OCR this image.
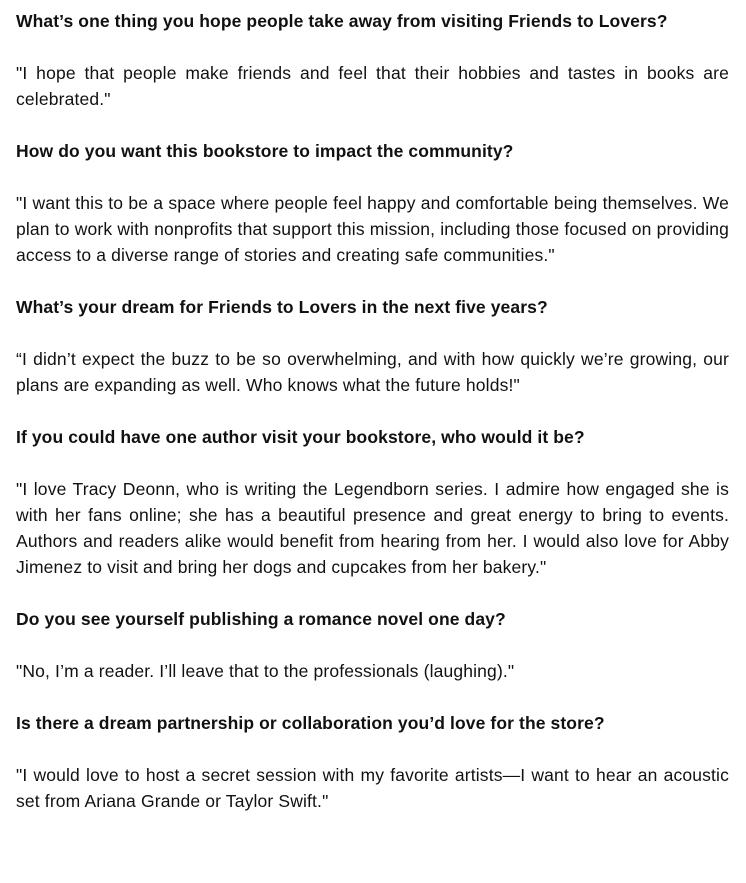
What’s one thing you hope people take away from visiting Friends to Lovers?

"I hope that people make friends and feel that their hobbies and tastes in books are celebrated."

How do you want this bookstore to impact the community?

"I want this to be a space where people feel happy and comfortable being themselves. We plan to work with nonprofits that support this mission, including those focused on providing access to a diverse range of stories and creating safe communities."

What’s your dream for Friends to Lovers in the next five years?

“I didn’t expect the buzz to be so overwhelming, and with how quickly we’re growing, our plans are expanding as well. Who knows what the future holds!"

If you could have one author visit your bookstore, who would it be?

"I love Tracy Deonn, who is writing the Legendborn series. I admire how engaged she is with her fans online; she has a beautiful presence and great energy to bring to events. Authors and readers alike would benefit from hearing from her. I would also love for Abby Jimenez to visit and bring her dogs and cupcakes from her bakery."

Do you see yourself publishing a romance novel one day?

"No, I’m a reader. I’ll leave that to the professionals (laughing)."

Is there a dream partnership or collaboration you’d love for the store?

"I would love to host a secret session with my favorite artists—I want to hear an acoustic set from Ariana Grande or Taylor Swift."
